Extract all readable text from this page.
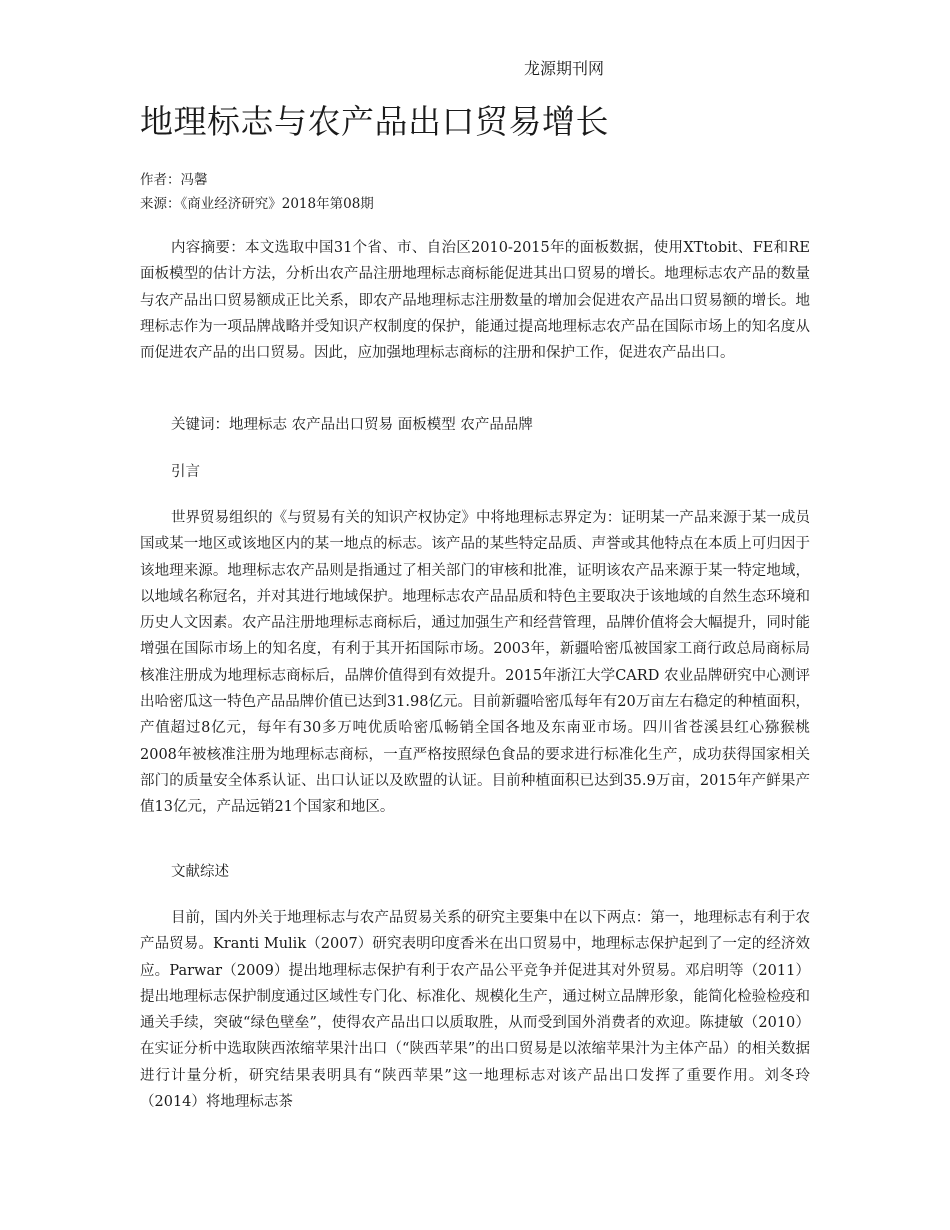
龙源期刊网
地理标志与农产品出口贸易增长
作者：冯馨
来源：《商业经济研究》2018年第08期

内容摘要：本文选取中国31个省、市、自治区2010-2015年的面板数据，使用XTtobit、FE和RE面板模型的估计方法，分析出农产品注册地理标志商标能促进其出口贸易的增长。地理标志农产品的数量与农产品出口贸易额成正比关系，即农产品地理标志注册数量的增加会促进农产品出口贸易额的增长。地理标志作为一项品牌战略并受知识产权制度的保护，能通过提高地理标志农产品在国际市场上的知名度从而促进农产品的出口贸易。因此，应加强地理标志商标的注册和保护工作，促进农产品出口。

关键词：地理标志 农产品出口贸易 面板模型 农产品品牌
引言

世界贸易组织的《与贸易有关的知识产权协定》中将地理标志界定为：证明某一产品来源于某一成员国或某一地区或该地区内的某一地点的标志。该产品的某些特定品质、声誉或其他特点在本质上可归因于该地理来源。地理标志农产品则是指通过了相关部门的审核和批准，证明该农产品来源于某一特定地域，以地域名称冠名，并对其进行地域保护。地理标志农产品品质和特色主要取决于该地域的自然生态环境和历史人文因素。农产品注册地理标志商标后，通过加强生产和经营管理，品牌价值将会大幅提升，同时能增强在国际市场上的知名度，有利于其开拓国际市场。2003年，新疆哈密瓜被国家工商行政总局商标局核准注册成为地理标志商标后，品牌价值得到有效提升。2015年浙江大学CARD 农业品牌研究中心测评出哈密瓜这一特色产品品牌价值已达到31.98亿元。目前新疆哈密瓜每年有20万亩左右稳定的种植面积，产值超过8亿元，每年有30多万吨优质哈密瓜畅销全国各地及东南亚市场。四川省苍溪县红心猕猴桃2008年被核准注册为地理标志商标，一直严格按照绿色食品的要求进行标准化生产，成功获得国家相关部门的质量安全体系认证、出口认证以及欧盟的认证。目前种植面积已达到35.9万亩，2015年产鲜果产值13亿元，产品远销21个国家和地区。

文献综述

目前，国内外关于地理标志与农产品贸易关系的研究主要集中在以下两点：第一，地理标志有利于农产品贸易。Kranti Mulik（2007）研究表明印度香米在出口贸易中，地理标志保护起到了一定的经济效应。Parwar（2009）提出地理标志保护有利于农产品公平竞争并促进其对外贸易。邓启明等（2011）提出地理标志保护制度通过区域性专门化、标准化、规模化生产，通过树立品牌形象，能简化检验检疫和通关手续，突破“绿色壁垒”，使得农产品出口以质取胜，从而受到国外消费者的欢迎。陈捷敏（2010）在实证分析中选取陕西浓缩苹果汁出口（“陕西苹果”的出口贸易是以浓缩苹果汁为主体产品）的相关数据进行计量分析，研究结果表明具有“陕西苹果”这一地理标志对该产品出口发挥了重要作用。刘冬玲（2014）将地理标志茶
